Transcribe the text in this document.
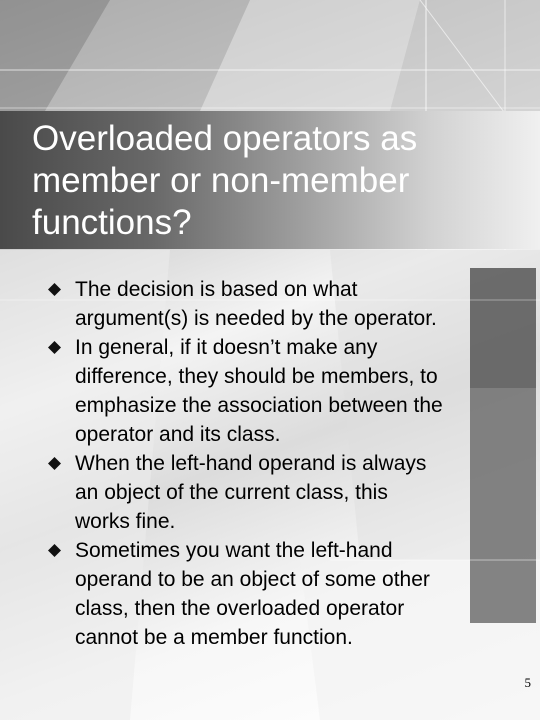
Overloaded operators as
member or non-member
functions?
The decision is based on what
argument(s) is needed by the operator.
In general, if it doesn’t make any
difference, they should be members, to
emphasize the association between the
operator and its class.
When the left-hand operand is always
an object of the current class, this
works fine.
Sometimes you want the left-hand
operand to be an object of some other
class, then the overloaded operator
cannot be a member function.
5
